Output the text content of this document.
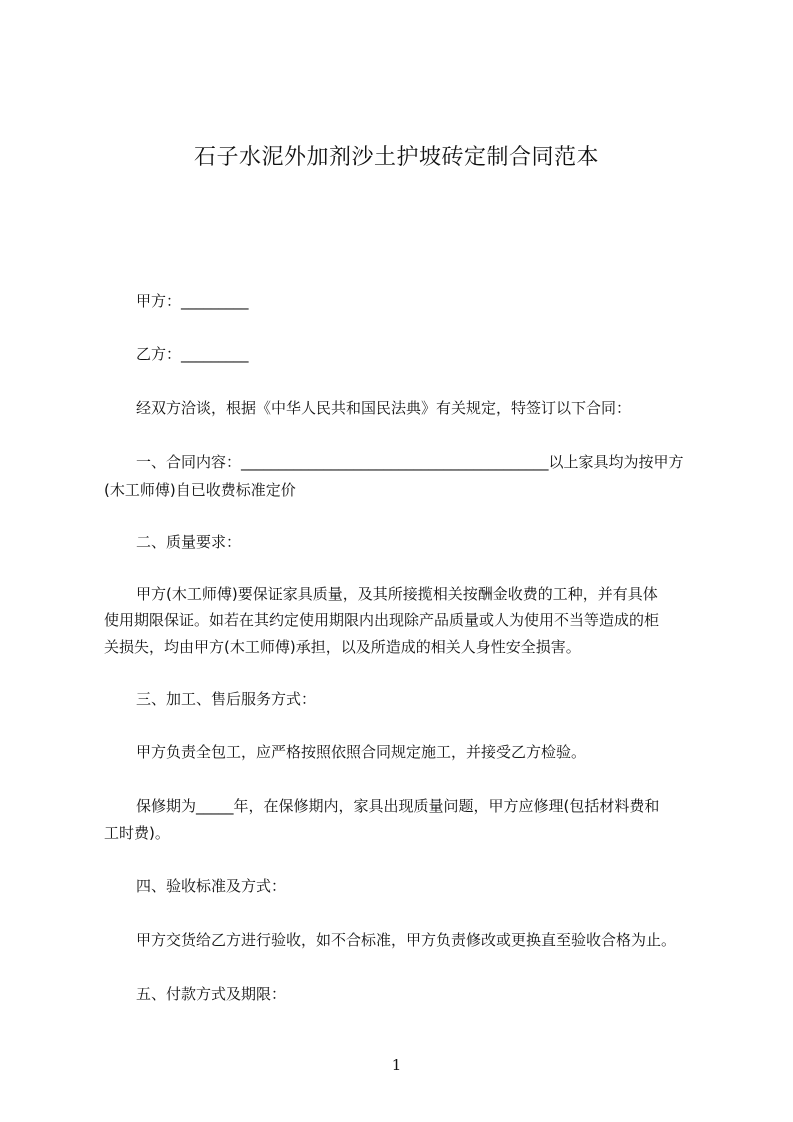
石子水泥外加剂沙土护坡砖定制合同范本
甲方：_________
乙方：_________
经双方洽谈，根据《中华人民共和国民法典》有关规定，特签订以下合同：
一、合同内容：_________________________________________以上家具均为按甲方
(木工师傅)自已收费标准定价
二、质量要求：
甲方(木工师傅)要保证家具质量，及其所接揽相关按酬金收费的工种，并有具体
使用期限保证。如若在其约定使用期限内出现除产品质量或人为使用不当等造成的柜
关损失，均由甲方(木工师傅)承担，以及所造成的相关人身性安全损害。
三、加工、售后服务方式：
甲方负责全包工，应严格按照依照合同规定施工，并接受乙方检验。
保修期为_____年，在保修期内，家具出现质量问题，甲方应修理(包括材料费和
工时费)。
四、验收标准及方式：
甲方交货给乙方进行验收，如不合标准，甲方负责修改或更换直至验收合格为止。
五、付款方式及期限：
1
